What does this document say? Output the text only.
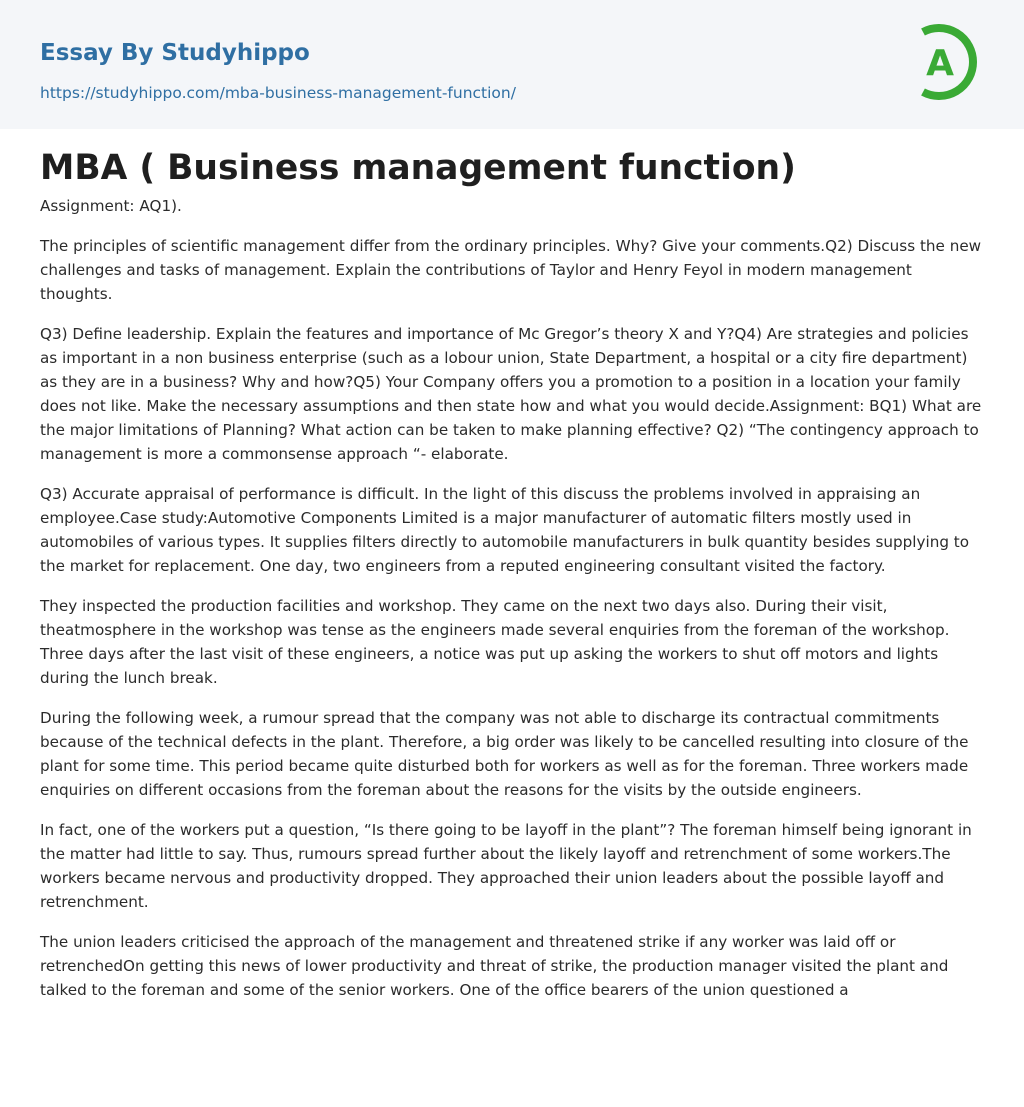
Essay By Studyhippo
https://studyhippo.com/mba-business-management-function/
A
MBA ( Business management function)

Assignment: AQ1).

The principles of scientific management differ from the ordinary principles. Why? Give your comments.Q2) Discuss the new challenges and tasks of management. Explain the contributions of Taylor and Henry Feyol in modern management thoughts.

Q3) Define leadership. Explain the features and importance of Mc Gregor’s theory X and Y?Q4) Are strategies and policies as important in a non business enterprise (such as a lobour union, State Department, a hospital or a city fire department) as they are in a business? Why and how?Q5) Your Company offers you a promotion to a position in a location your family does not like. Make the necessary assumptions and then state how and what you would decide.Assignment: BQ1) What are the major limitations of Planning? What action can be taken to make planning effective? Q2) “The contingency approach to management is more a commonsense approach “- elaborate.

Q3) Accurate appraisal of performance is difficult. In the light of this discuss the problems involved in appraising an employee.Case study:Automotive Components Limited is a major manufacturer of automatic filters mostly used in automobiles of various types. It supplies filters directly to automobile manufacturers in bulk quantity besides supplying to the market for replacement. One day, two engineers from a reputed engineering consultant visited the factory.

They inspected the production facilities and workshop. They came on the next two days also. During their visit, theatmosphere in the workshop was tense as the engineers made several enquiries from the foreman of the workshop. Three days after the last visit of these engineers, a notice was put up asking the workers to shut off motors and lights during the lunch break.

During the following week, a rumour spread that the company was not able to discharge its contractual commitments because of the technical defects in the plant. Therefore, a big order was likely to be cancelled resulting into closure of the plant for some time. This period became quite disturbed both for workers as well as for the foreman. Three workers made enquiries on different occasions from the foreman about the reasons for the visits by the outside engineers.

In fact, one of the workers put a question, “Is there going to be layoff in the plant”? The foreman himself being ignorant in the matter had little to say. Thus, rumours spread further about the likely layoff and retrenchment of some workers.The workers became nervous and productivity dropped. They approached their union leaders about the possible layoff and retrenchment.

The union leaders criticised the approach of the management and threatened strike if any worker was laid off or retrenchedOn getting this news of lower productivity and threat of strike, the production manager visited the plant and talked to the foreman and some of the senior workers. One of the office bearers of the union questioned a
